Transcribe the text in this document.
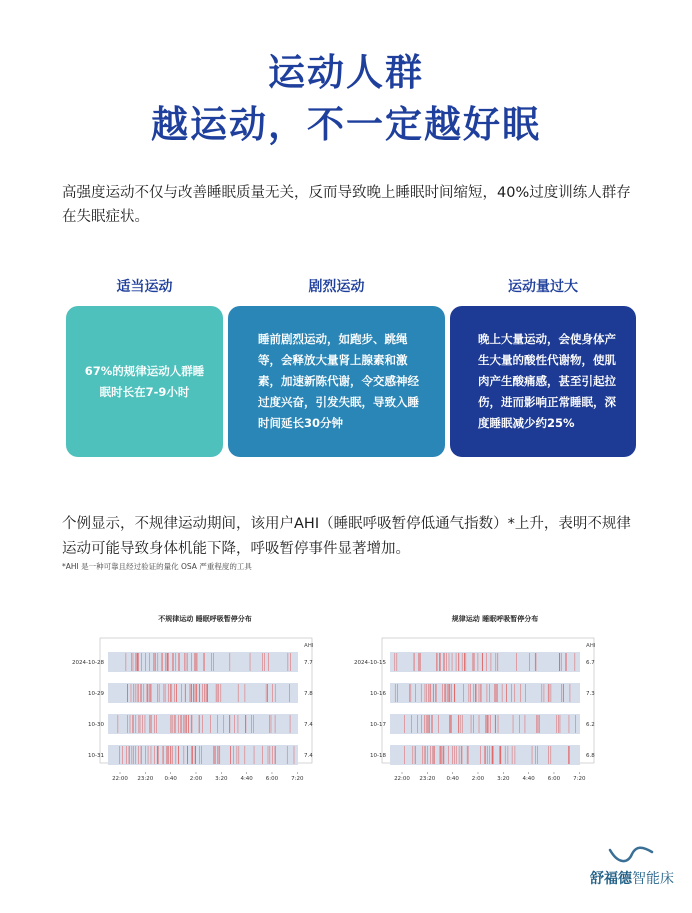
运动人群
越运动，不一定越好眠
高强度运动不仅与改善睡眠质量无关，反而导致晚上睡眠时间缩短，40%过度训练人群存在失眠症状。
适当运动	剧烈运动	运动量过大
67%的规律运动人群睡眠时长在7-9小时
睡前剧烈运动，如跑步、跳绳等，会释放大量肾上腺素和激素，加速新陈代谢，令交感神经过度兴奋，引发失眠，导致入睡时间延长30分钟
晚上大量运动，会使身体产生大量的酸性代谢物，使肌肉产生酸痛感，甚至引起拉伤，进而影响正常睡眠，深度睡眠减少约25%
个例显示，不规律运动期间，该用户AHI（睡眠呼吸暂停低通气指数）*上升，表明不规律运动可能导致身体机能下降，呼吸暂停事件显著增加。
*AHI 是一种可靠且经过验证的量化 OSA 严重程度的工具
不规律运动 睡眠呼吸暂停分布	规律运动 睡眠呼吸暂停分布
AHI
2024-10-28	7.7
10-29	7.8
10-30	7.4
10-31	7.4
22:00 23:20 0:40 2:00 3:20 4:40 6:00 7:20
AHI
2024-10-15	6.7
10-16	7.3
10-17	6.2
10-18	6.8
22:00 23:20 0:40 2:00 3:20 4:40 6:00 7:20
舒福德智能床
